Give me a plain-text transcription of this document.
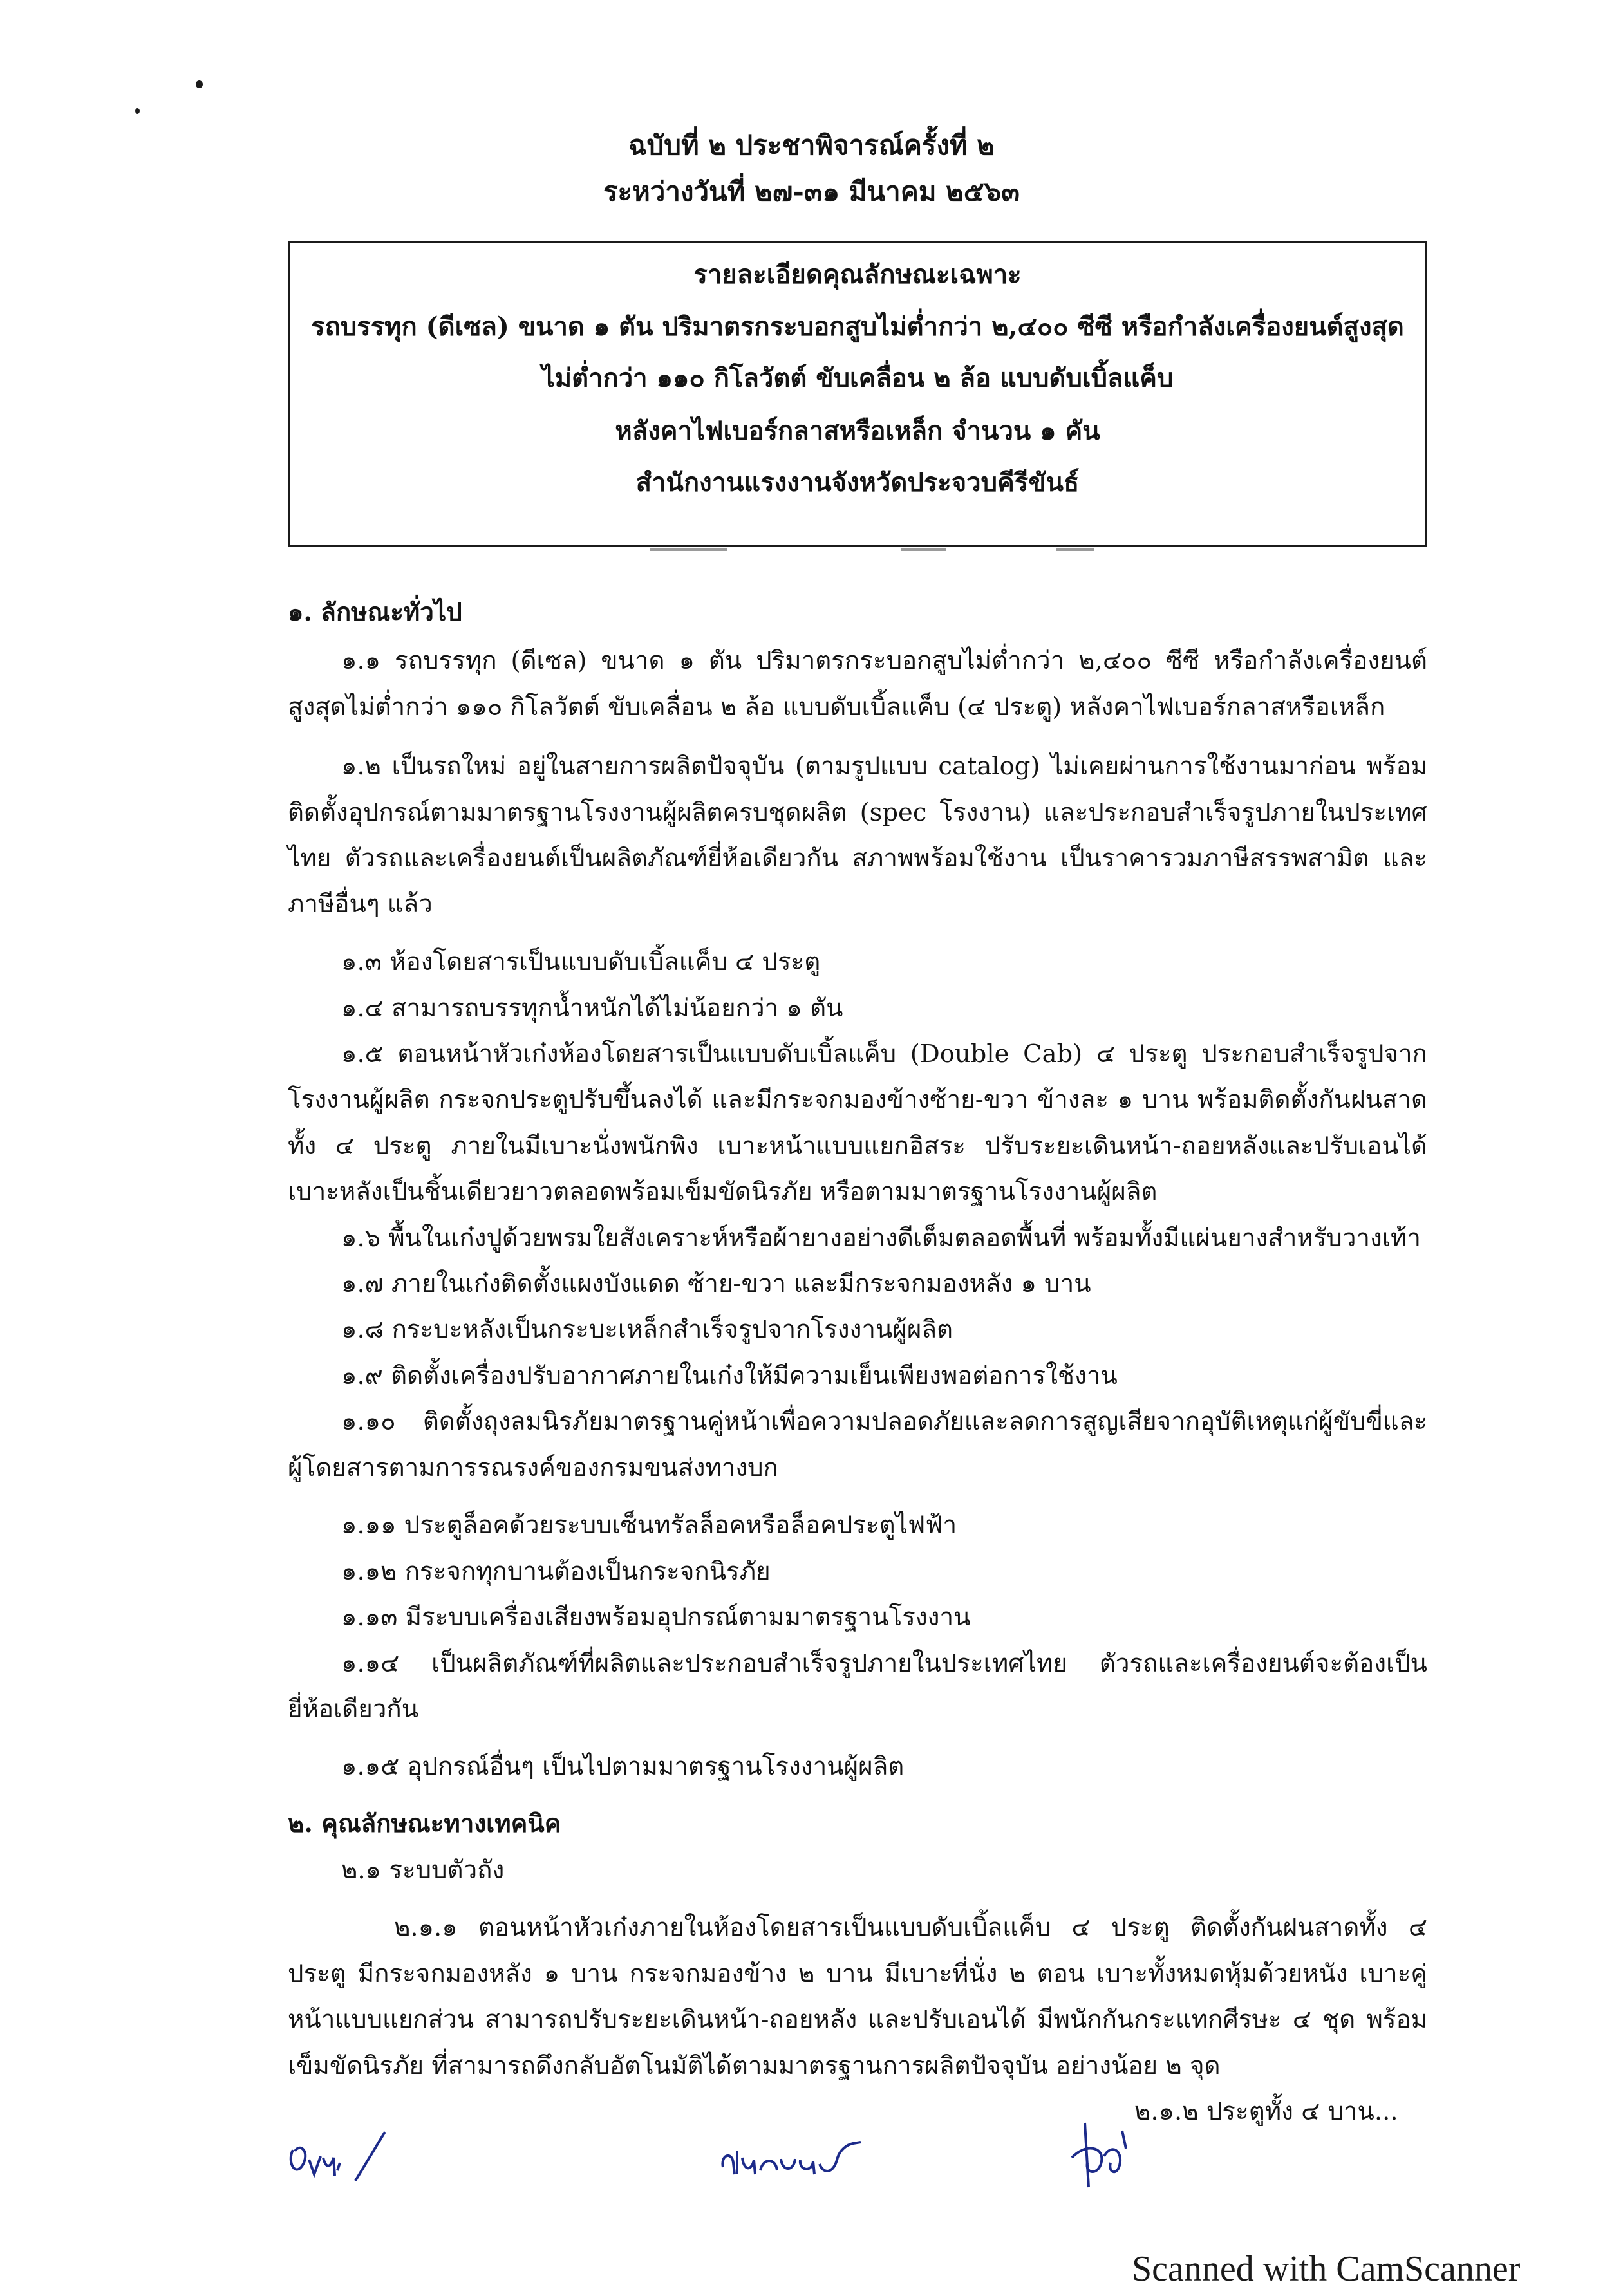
ฉบับที่ ๒ ประชาพิจารณ์ครั้งที่ ๒
ระหว่างวันที่ ๒๗-๓๑ มีนาคม ๒๕๖๓
รายละเอียดคุณลักษณะเฉพาะ
รถบรรทุก (ดีเซล) ขนาด ๑ ตัน ปริมาตรกระบอกสูบไม่ต่ำกว่า ๒,๔๐๐ ซีซี หรือกำลังเครื่องยนต์สูงสุด
ไม่ต่ำกว่า ๑๑๐ กิโลวัตต์ ขับเคลื่อน ๒ ล้อ แบบดับเบิ้ลแค็บ
หลังคาไฟเบอร์กลาสหรือเหล็ก จำนวน ๑ คัน
สำนักงานแรงงานจังหวัดประจวบคีรีขันธ์
๑. ลักษณะทั่วไป
๑.๑ รถบรรทุก (ดีเซล) ขนาด ๑ ตัน ปริมาตรกระบอกสูบไม่ต่ำกว่า ๒,๔๐๐ ซีซี หรือกำลังเครื่องยนต์
สูงสุดไม่ต่ำกว่า ๑๑๐ กิโลวัตต์ ขับเคลื่อน ๒ ล้อ แบบดับเบิ้ลแค็บ (๔ ประตู) หลังคาไฟเบอร์กลาสหรือเหล็ก
๑.๒ เป็นรถใหม่ อยู่ในสายการผลิตปัจจุบัน (ตามรูปแบบ catalog) ไม่เคยผ่านการใช้งานมาก่อน พร้อม
ติดตั้งอุปกรณ์ตามมาตรฐานโรงงานผู้ผลิตครบชุดผลิต (spec โรงงาน) และประกอบสำเร็จรูปภายในประเทศ
ไทย ตัวรถและเครื่องยนต์เป็นผลิตภัณฑ์ยี่ห้อเดียวกัน สภาพพร้อมใช้งาน เป็นราคารวมภาษีสรรพสามิต และ
ภาษีอื่นๆ แล้ว
๑.๓ ห้องโดยสารเป็นแบบดับเบิ้ลแค็บ ๔ ประตู
๑.๔ สามารถบรรทุกน้ำหนักได้ไม่น้อยกว่า ๑ ตัน
๑.๕ ตอนหน้าหัวเก๋งห้องโดยสารเป็นแบบดับเบิ้ลแค็บ (Double Cab) ๔ ประตู ประกอบสำเร็จรูปจาก
โรงงานผู้ผลิต กระจกประตูปรับขึ้นลงได้ และมีกระจกมองข้างซ้าย-ขวา ข้างละ ๑ บาน พร้อมติดตั้งกันฝนสาด
ทั้ง ๔ ประตู ภายในมีเบาะนั่งพนักพิง เบาะหน้าแบบแยกอิสระ ปรับระยะเดินหน้า-ถอยหลังและปรับเอนได้
เบาะหลังเป็นชิ้นเดียวยาวตลอดพร้อมเข็มขัดนิรภัย หรือตามมาตรฐานโรงงานผู้ผลิต
๑.๖ พื้นในเก๋งปูด้วยพรมใยสังเคราะห์หรือผ้ายางอย่างดีเต็มตลอดพื้นที่ พร้อมทั้งมีแผ่นยางสำหรับวางเท้า
๑.๗ ภายในเก๋งติดตั้งแผงบังแดด ซ้าย-ขวา และมีกระจกมองหลัง ๑ บาน
๑.๘ กระบะหลังเป็นกระบะเหล็กสำเร็จรูปจากโรงงานผู้ผลิต
๑.๙ ติดตั้งเครื่องปรับอากาศภายในเก๋งให้มีความเย็นเพียงพอต่อการใช้งาน
๑.๑๐ ติดตั้งถุงลมนิรภัยมาตรฐานคู่หน้าเพื่อความปลอดภัยและลดการสูญเสียจากอุบัติเหตุแก่ผู้ขับขี่และ
ผู้โดยสารตามการรณรงค์ของกรมขนส่งทางบก
๑.๑๑ ประตูล็อคด้วยระบบเซ็นทรัลล็อคหรือล็อคประตูไฟฟ้า
๑.๑๒ กระจกทุกบานต้องเป็นกระจกนิรภัย
๑.๑๓ มีระบบเครื่องเสียงพร้อมอุปกรณ์ตามมาตรฐานโรงงาน
๑.๑๔ เป็นผลิตภัณฑ์ที่ผลิตและประกอบสำเร็จรูปภายในประเทศไทย ตัวรถและเครื่องยนต์จะต้องเป็น
ยี่ห้อเดียวกัน
๑.๑๕ อุปกรณ์อื่นๆ เป็นไปตามมาตรฐานโรงงานผู้ผลิต
๒. คุณลักษณะทางเทคนิค
๒.๑ ระบบตัวถัง
๒.๑.๑ ตอนหน้าหัวเก๋งภายในห้องโดยสารเป็นแบบดับเบิ้ลแค็บ ๔ ประตู ติดตั้งกันฝนสาดทั้ง ๔
ประตู มีกระจกมองหลัง ๑ บาน กระจกมองข้าง ๒ บาน มีเบาะที่นั่ง ๒ ตอน เบาะทั้งหมดหุ้มด้วยหนัง เบาะคู่
หน้าแบบแยกส่วน สามารถปรับระยะเดินหน้า-ถอยหลัง และปรับเอนได้ มีพนักกันกระแทกศีรษะ ๔ ชุด พร้อม
เข็มขัดนิรภัย ที่สามารถดึงกลับอัตโนมัติได้ตามมาตรฐานการผลิตปัจจุบัน อย่างน้อย ๒ จุด
๒.๑.๒ ประตูทั้ง ๔ บาน...
Scanned with CamScanner
